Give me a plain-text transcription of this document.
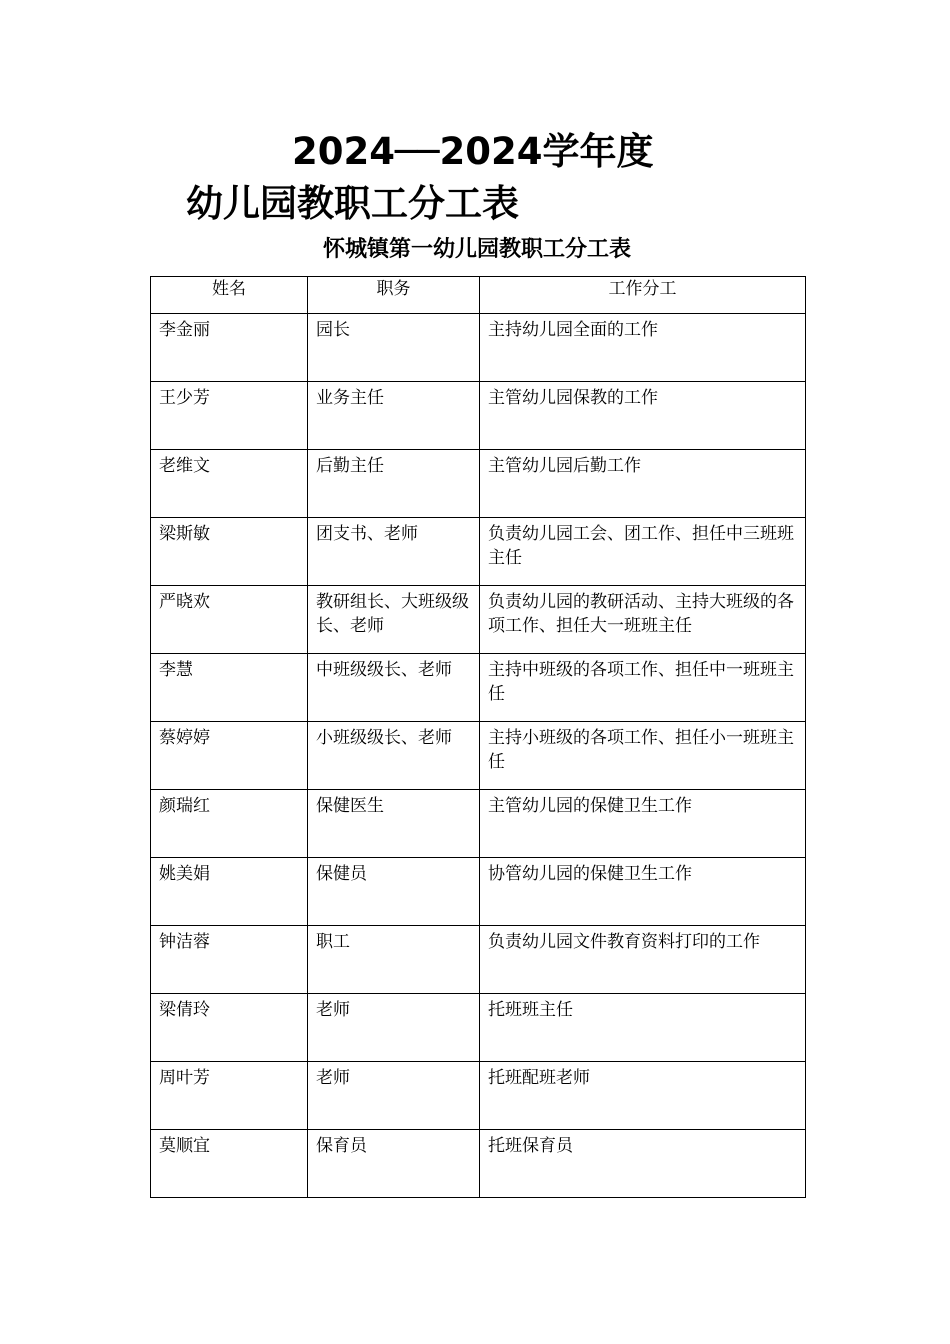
2024──2024学年度
幼儿园教职工分工表
怀城镇第一幼儿园教职工分工表
姓名	职务	工作分工
李金丽	园长	主持幼儿园全面的工作
王少芳	业务主任	主管幼儿园保教的工作
老维文	后勤主任	主管幼儿园后勤工作
梁斯敏	团支书、老师	负责幼儿园工会、团工作、担任中三班班主任
严晓欢	教研组长、大班级级长、老师	负责幼儿园的教研活动、主持大班级的各项工作、担任大一班班主任
李慧	中班级级长、老师	主持中班级的各项工作、担任中一班班主任
蔡婷婷	小班级级长、老师	主持小班级的各项工作、担任小一班班主任
颜瑞红	保健医生	主管幼儿园的保健卫生工作
姚美娟	保健员	协管幼儿园的保健卫生工作
钟洁蓉	职工	负责幼儿园文件教育资料打印的工作
梁倩玲	老师	托班班主任
周叶芳	老师	托班配班老师
莫顺宜	保育员	托班保育员
